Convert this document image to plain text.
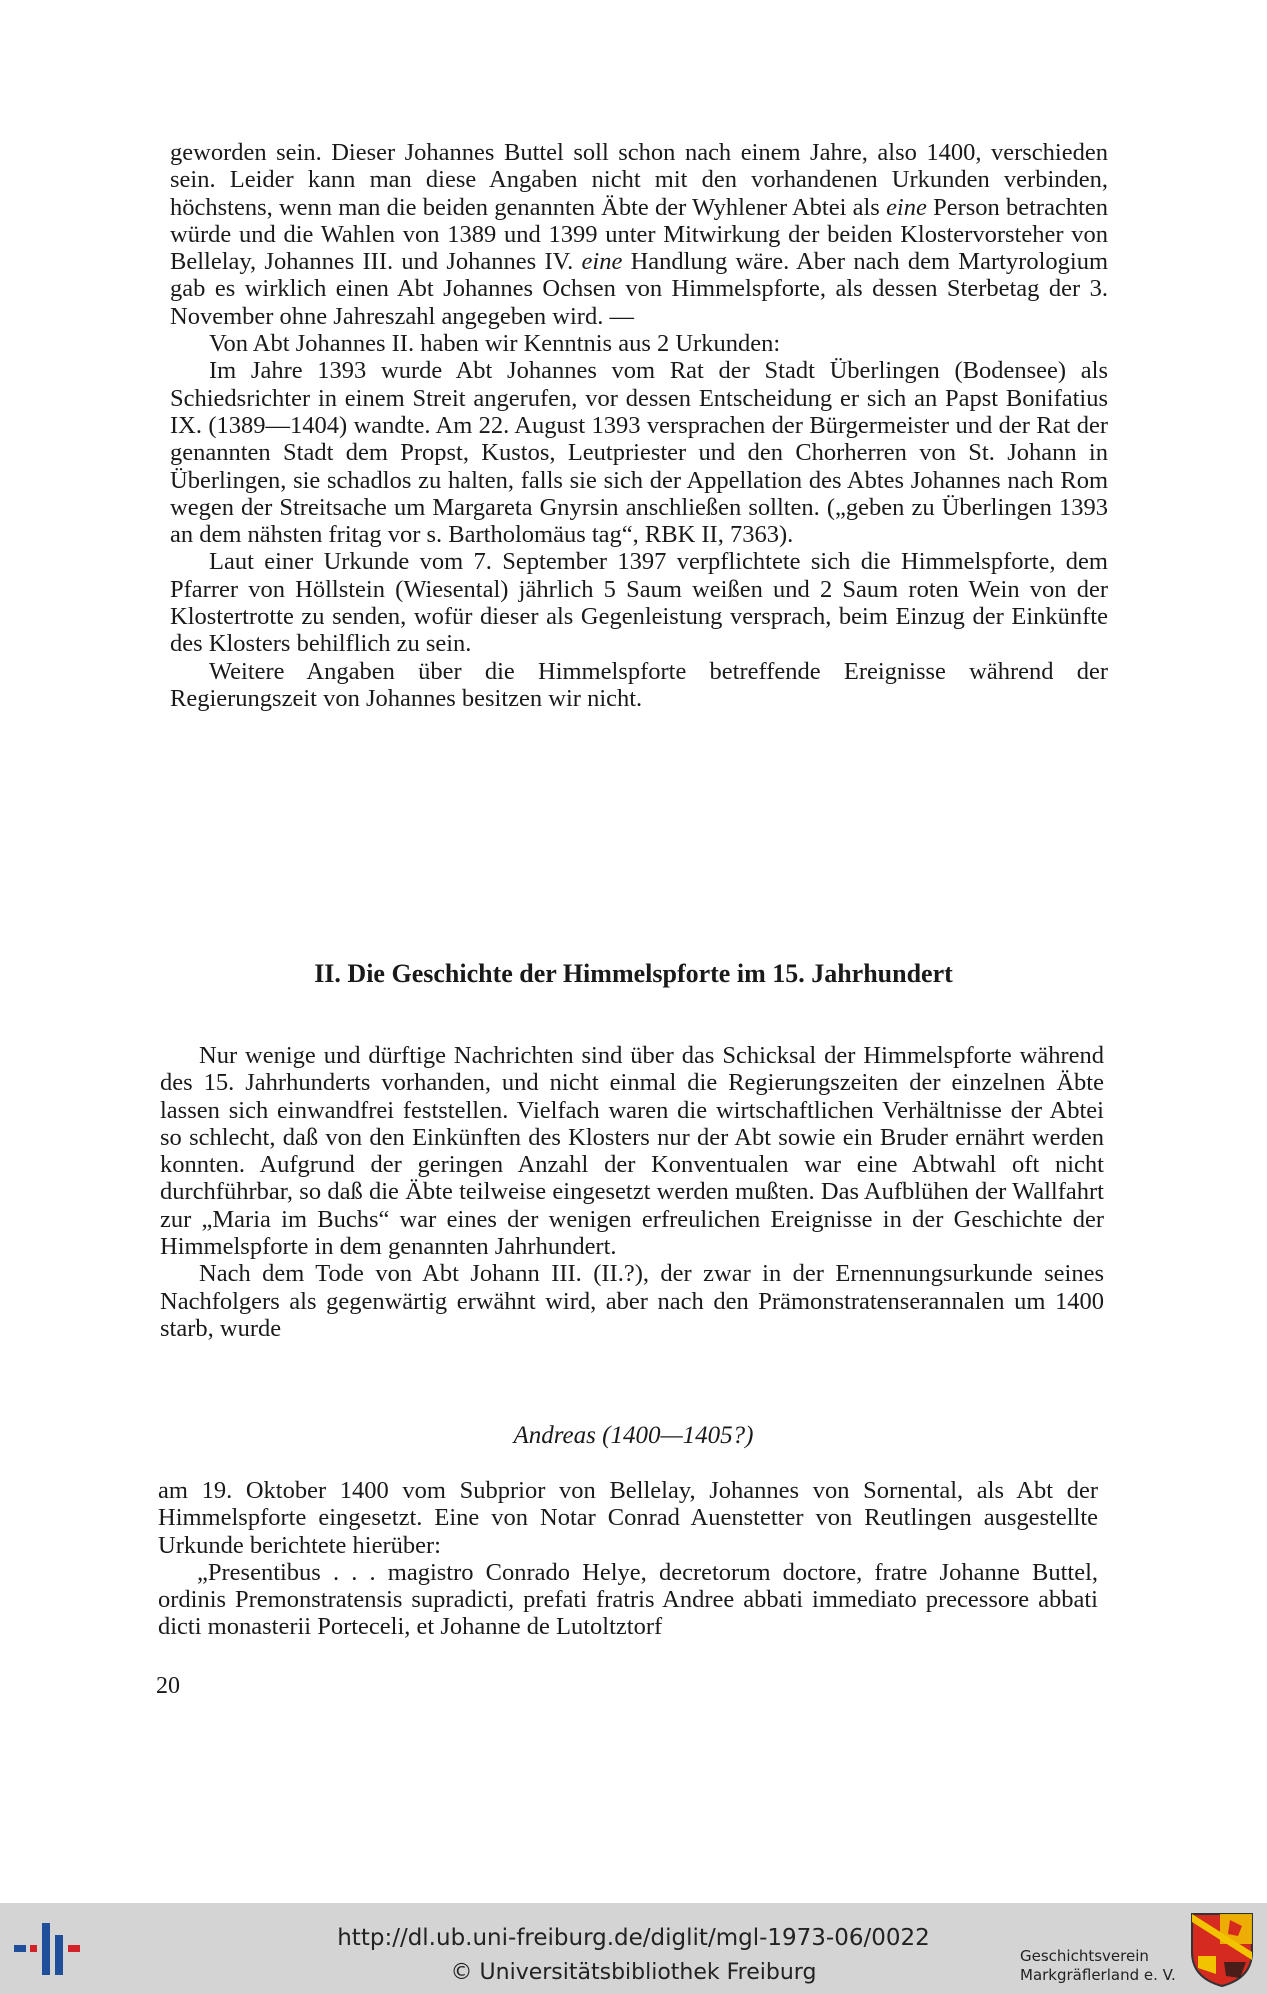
geworden sein. Dieser Johannes Buttel soll schon nach einem Jahre, also 1400, verschieden sein. Leider kann man diese Angaben nicht mit den vorhandenen Urkunden verbinden, höchstens, wenn man die beiden genannten Äbte der Wyhlener Abtei als eine Person betrachten würde und die Wahlen von 1389 und 1399 unter Mitwirkung der beiden Klostervorsteher von Bellelay, Johannes III. und Johannes IV. eine Handlung wäre. Aber nach dem Martyrologium gab es wirklich einen Abt Johannes Ochsen von Himmelspforte, als dessen Sterbetag der 3. November ohne Jahreszahl angegeben wird. —

Von Abt Johannes II. haben wir Kenntnis aus 2 Urkunden:

Im Jahre 1393 wurde Abt Johannes vom Rat der Stadt Überlingen (Bodensee) als Schiedsrichter in einem Streit angerufen, vor dessen Entscheidung er sich an Papst Bonifatius IX. (1389—1404) wandte. Am 22. August 1393 versprachen der Bürgermeister und der Rat der genannten Stadt dem Propst, Kustos, Leutpriester und den Chorherren von St. Johann in Überlingen, sie schadlos zu halten, falls sie sich der Appellation des Abtes Johannes nach Rom wegen der Streitsache um Margareta Gnyrsin anschließen sollten. („geben zu Überlingen 1393 an dem nähsten fritag vor s. Bartholomäus tag“, RBK II, 7363).

Laut einer Urkunde vom 7. September 1397 verpflichtete sich die Himmelspforte, dem Pfarrer von Höllstein (Wiesental) jährlich 5 Saum weißen und 2 Saum roten Wein von der Klostertrotte zu senden, wofür dieser als Gegenleistung versprach, beim Einzug der Einkünfte des Klosters behilflich zu sein.

Weitere Angaben über die Himmelspforte betreffende Ereignisse während der Regierungszeit von Johannes besitzen wir nicht.

II. Die Geschichte der Himmelspforte im 15. Jahrhundert

Nur wenige und dürftige Nachrichten sind über das Schicksal der Himmelspforte während des 15. Jahrhunderts vorhanden, und nicht einmal die Regierungszeiten der einzelnen Äbte lassen sich einwandfrei feststellen. Vielfach waren die wirtschaftlichen Verhältnisse der Abtei so schlecht, daß von den Einkünften des Klosters nur der Abt sowie ein Bruder ernährt werden konnten. Aufgrund der geringen Anzahl der Konventualen war eine Abtwahl oft nicht durchführbar, so daß die Äbte teilweise eingesetzt werden mußten. Das Aufblühen der Wallfahrt zur „Maria im Buchs“ war eines der wenigen erfreulichen Ereignisse in der Geschichte der Himmelspforte in dem genannten Jahrhundert.

Nach dem Tode von Abt Johann III. (II.?), der zwar in der Ernennungsurkunde seines Nachfolgers als gegenwärtig erwähnt wird, aber nach den Prämonstratenserannalen um 1400 starb, wurde

Andreas (1400—1405?)

am 19. Oktober 1400 vom Subprior von Bellelay, Johannes von Sornental, als Abt der Himmelspforte eingesetzt. Eine von Notar Conrad Auenstetter von Reutlingen ausgestellte Urkunde berichtete hierüber:

„Presentibus . . . magistro Conrado Helye, decretorum doctore, fratre Johanne Buttel, ordinis Premonstratensis supradicti, prefati fratris Andree abbati immediato precessore abbati dicti monasterii Porteceli, et Johanne de Lutoltztorf

20

http://dl.ub.uni-freiburg.de/diglit/mgl-1973-06/0022
© Universitätsbibliothek Freiburg
Geschichtsverein
Markgräflerland e. V.
